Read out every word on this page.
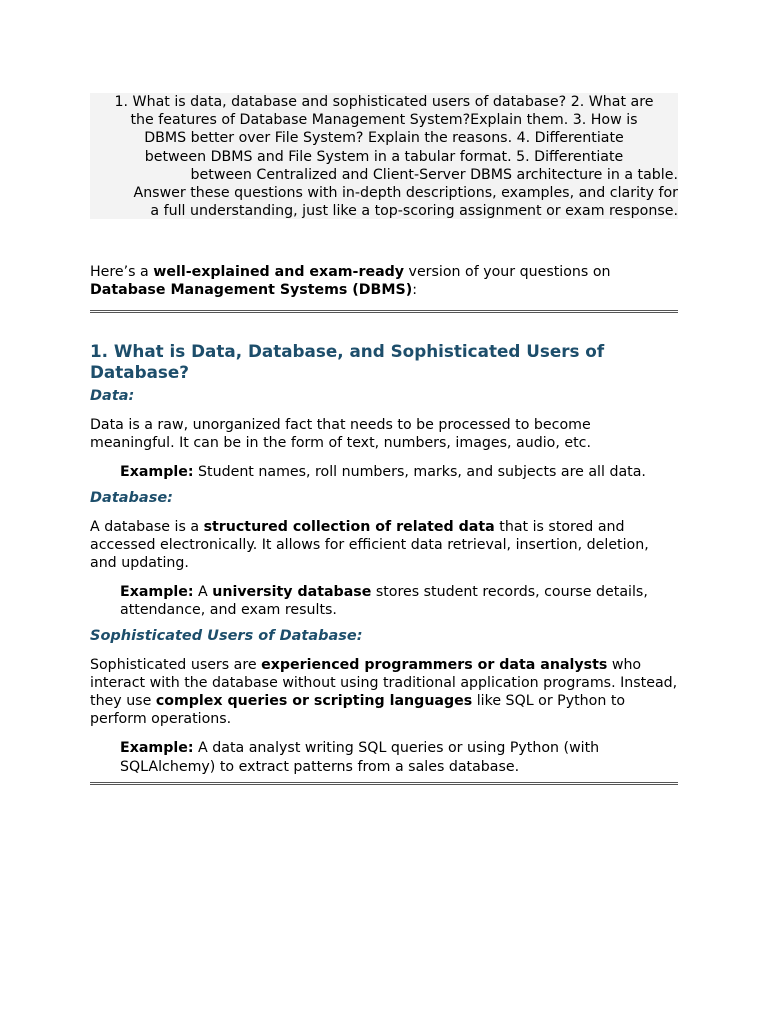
1. What is data, database and sophisticated users of database? 2. What are

the features of Database Management System?Explain them. 3. How is

DBMS better over File System? Explain the reasons. 4. Differentiate

between DBMS and File System in a tabular format. 5. Differentiate

between Centralized and Client-Server DBMS architecture in a table.

Answer these questions with in-depth descriptions, examples, and clarity for

a full understanding, just like a top-scoring assignment or exam response.

Here’s a well-explained and exam-ready version of your questions on
Database Management Systems (DBMS):
1. What is Data, Database, and Sophisticated Users of Database?
Data:
Data is a raw, unorganized fact that needs to be processed to become meaningful. It can be in the form of text, numbers, images, audio, etc.
Example: Student names, roll numbers, marks, and subjects are all data.
Database:
A database is a structured collection of related data that is stored and accessed electronically. It allows for efficient data retrieval, insertion, deletion, and updating.
Example: A university database stores student records, course details, attendance, and exam results.
Sophisticated Users of Database:
Sophisticated users are experienced programmers or data analysts who interact with the database without using traditional application programs. Instead, they use complex queries or scripting languages like SQL or Python to perform operations.
Example: A data analyst writing SQL queries or using Python (with SQLAlchemy) to extract patterns from a sales database.
